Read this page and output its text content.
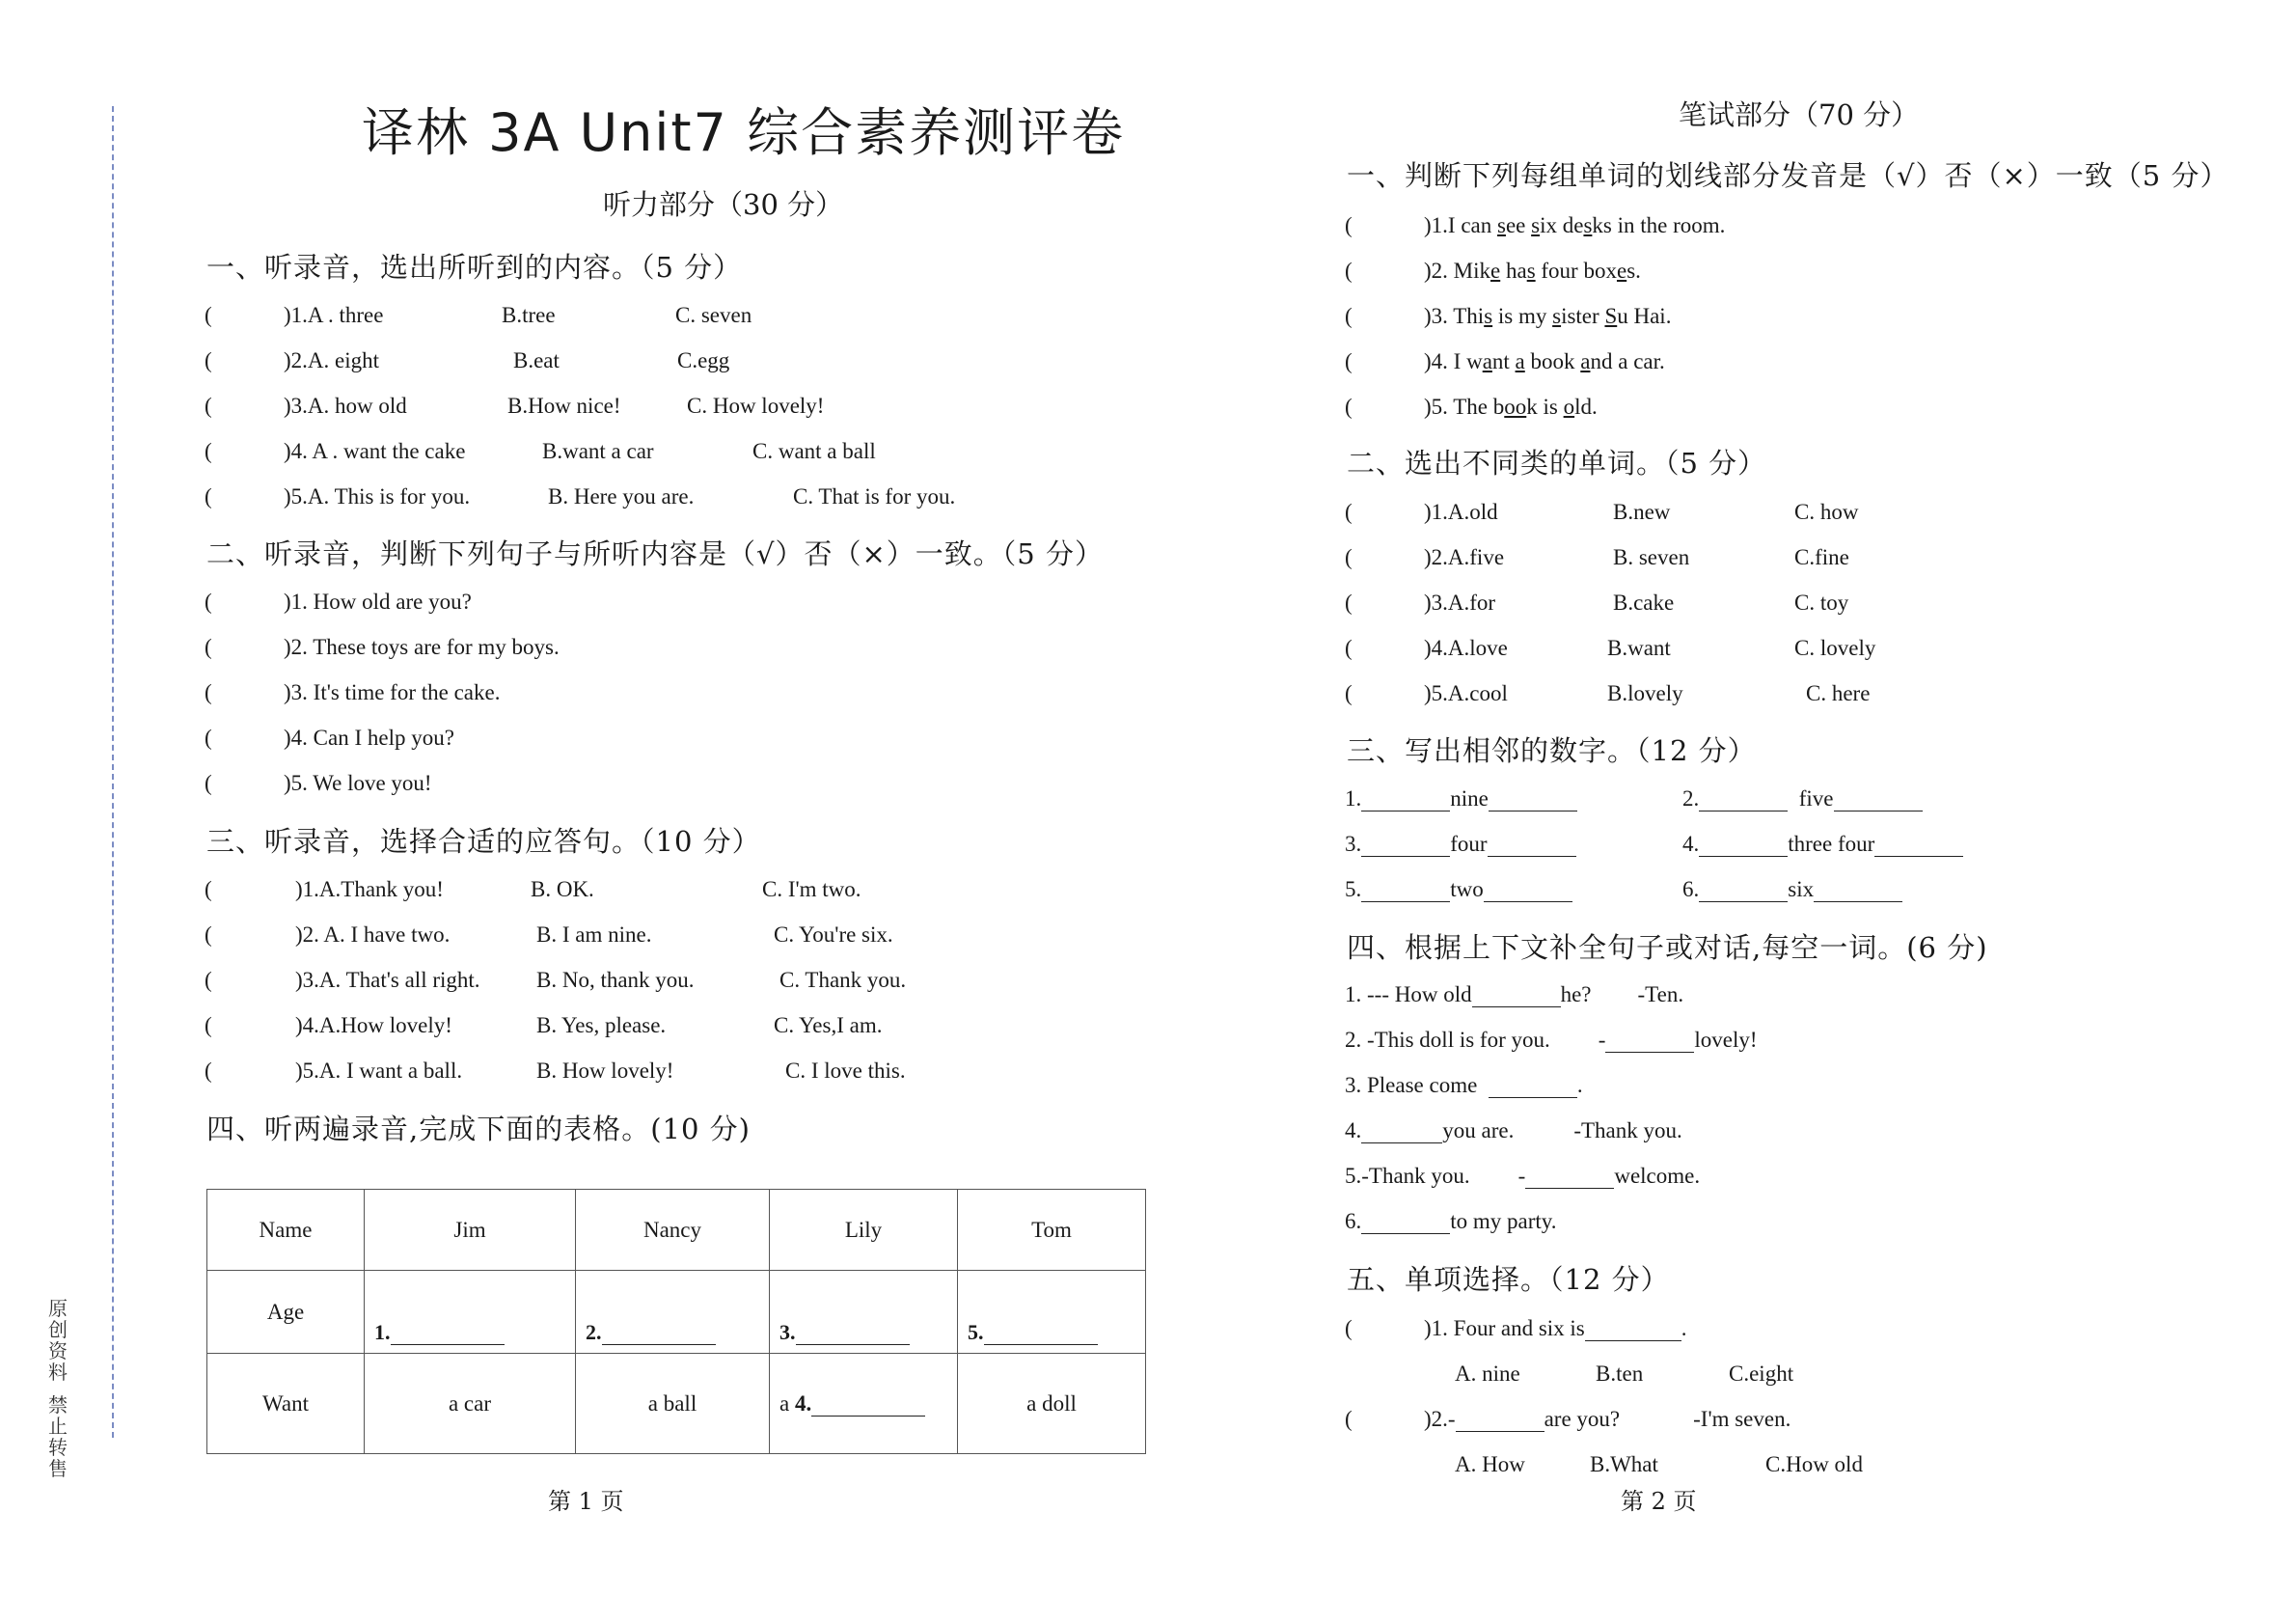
原创资料
禁止转售
译林 3A Unit7 综合素养测评卷
听力部分（30 分）
一、听录音，选出所听到的内容。（5 分）
(	)1.A . three	B.tree	C. seven
(	)2.A. eight	B.eat	C.egg
(	)3.A. how old	B.How nice!	C. How lovely!
(	)4. A . want the cake	B.want a car	C. want a ball
(	)5.A. This is for you.	B. Here you are.	C. That is for you.
二、听录音，判断下列句子与所听内容是（√）否（×）一致。（5 分）
(	)1. How old are you?
(	)2. These toys are for my boys.
(	)3. It's time for the cake.
(	)4. Can I help you?
(	)5. We love you!
三、听录音，选择合适的应答句。（10 分）
(	)1.A.Thank you!	B. OK.	C. I'm two.
(	)2. A. I have two.	B. I am nine.	C. You're six.
(	)3.A. That's all right.	B. No, thank you.	C. Thank you.
(	)4.A.How lovely!	B. Yes, please.	C. Yes,I am.
(	)5.A. I want a ball.	B. How lovely!	C. I love this.
四、听两遍录音,完成下面的表格。(10 分)
Name	Jim	Nancy	Lily	Tom
Age	1.	2.	3.	5.

Want	a car	a ball	a 4.	a doll
第 1 页
笔试部分（70 分）
一、判断下列每组单词的划线部分发音是（√）否（×）一致（5 分）
(	)1.I can see six desks in the room.
(	)2. Mike has four boxes.
(	)3. This is my sister Su Hai.
(	)4. I want a book and a car.
(	)5. The book is old.
二、选出不同类的单词。（5 分）
(	)1.A.old	B.new	C. how
(	)2.A.five	B. seven	C.fine
(	)3.A.for	B.cake	C. toy
(	)4.A.love	B.want	C. lovely
(	)5.A.cool	B.lovely	C. here
三、写出相邻的数字。（12 分）
1.	nine	2.	five
3.	four	4.	three four
5.	two	6.	six
四、根据上下文补全句子或对话,每空一词。(6 分)
1. --- How old	he? -Ten.
2. -This doll is for you. -	lovely!
3. Please come	.
4.	you are.	-Thank you.
5.-Thank you. -	welcome.
6.	to my party.
五、单项选择。（12 分）
(	)1. Four and six is	.
A. nine	B.ten	C.eight
(	)2.-	are you?	-I'm seven.
A. How	B.What	C.How old
第 2 页
